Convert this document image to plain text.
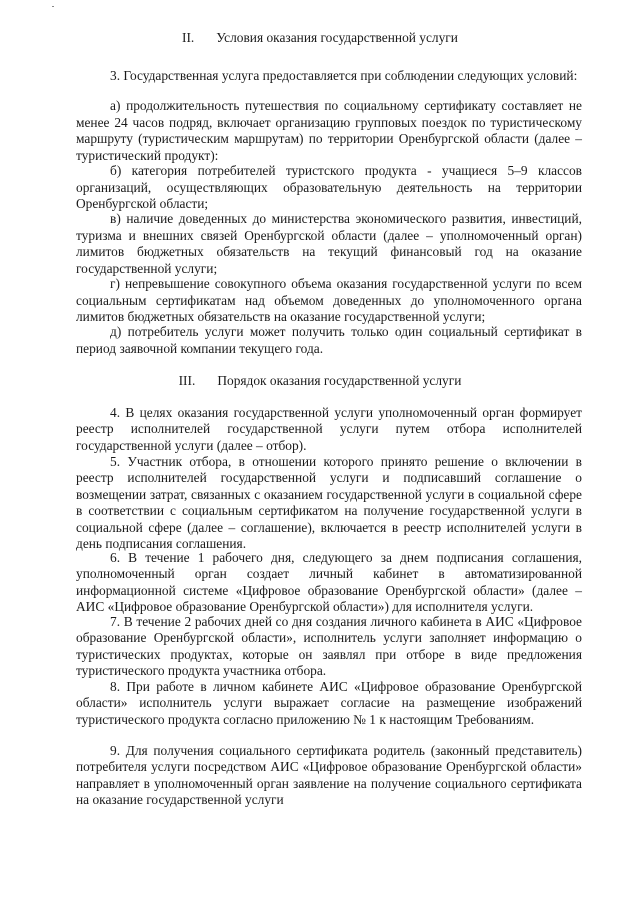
II. Условия оказания государственной услуги

3. Государственная услуга предоставляется при соблюдении следующих условий:

а) продолжительность путешествия по социальному сертификату составляет не менее 24 часов подряд, включает организацию групповых поездок по туристическому маршруту (туристическим маршрутам) по территории Оренбургской области (далее – туристический продукт):

б) категория потребителей туристского продукта - учащиеся 5–9 классов организаций, осуществляющих образовательную деятельность на территории Оренбургской области;

в) наличие доведенных до министерства экономического развития, инвестиций, туризма и внешних связей Оренбургской области (далее – уполномоченный орган) лимитов бюджетных обязательств на текущий финансовый год на оказание государственной услуги;

г) непревышение совокупного объема оказания государственной услуги по всем социальным сертификатам над объемом доведенных до уполномоченного органа лимитов бюджетных обязательств на оказание государственной услуги;

д) потребитель услуги может получить только один социальный сертификат в период заявочной компании текущего года.

III. Порядок оказания государственной услуги

4. В целях оказания государственной услуги уполномоченный орган формирует реестр исполнителей государственной услуги путем отбора исполнителей государственной услуги (далее – отбор).

5. Участник отбора, в отношении которого принято решение о включении в реестр исполнителей государственной услуги и подписавший соглашение о возмещении затрат, связанных с оказанием государственной услуги в социальной сфере в соответствии с социальным сертификатом на получение государственной услуги в социальной сфере (далее – соглашение), включается в реестр исполнителей услуги в день подписания соглашения.

6. В течение 1 рабочего дня, следующего за днем подписания соглашения, уполномоченный орган создает личный кабинет в автоматизированной информационной системе «Цифровое образование Оренбургской области» (далее – АИС «Цифровое образование Оренбургской области») для исполнителя услуги.

7. В течение 2 рабочих дней со дня создания личного кабинета в АИС «Цифровое образование Оренбургской области», исполнитель услуги заполняет информацию о туристических продуктах, которые он заявлял при отборе в виде предложения туристического продукта участника отбора.

8. При работе в личном кабинете АИС «Цифровое образование Оренбургской области» исполнитель услуги выражает согласие на размещение изображений туристического продукта согласно приложению № 1 к настоящим Требованиям.

9. Для получения социального сертификата родитель (законный представитель) потребителя услуги посредством АИС «Цифровое образование Оренбургской области» направляет в уполномоченный орган заявление на получение социального сертификата на оказание государственной услуги
